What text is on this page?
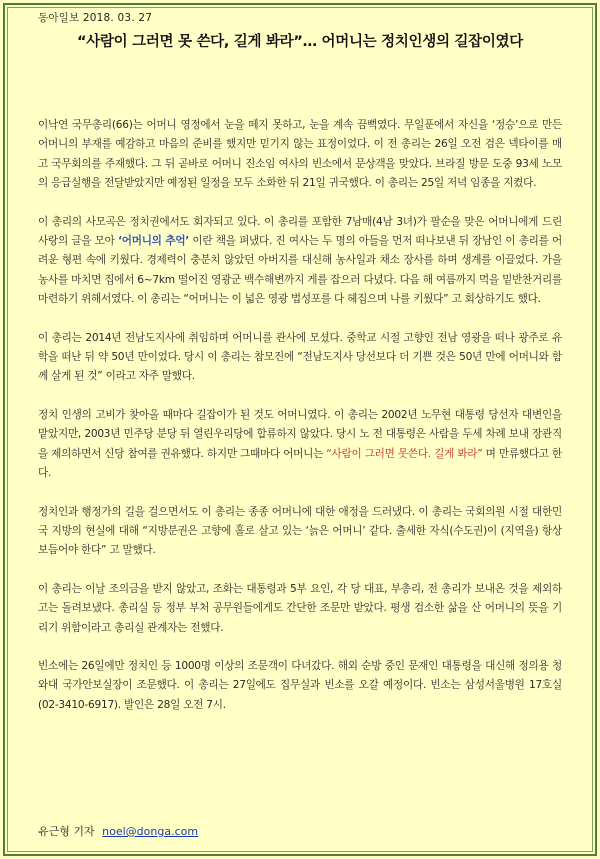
동아일보 2018. 03. 27
“사람이 그러면 못 쓴다, 길게 봐라”… 어머니는 정치인생의 길잡이였다

이낙연 국무총리(66)는 어머니 영정에서 눈을 떼지 못하고, 눈을 계속 끔뻑였다. 무일푼에서 자신을 ‘정승’으로 만든 어머니의 부재를 예감하고 마음의 준비를 했지만 믿기지 않는 표정이었다. 이 전 총리는 26일 오전 검은 넥타이를 매고 국무회의를 주재했다. 그 뒤 곧바로 어머니 진소임 여사의 빈소에서 문상객을 맞았다. 브라질 방문 도중 93세 노모의 응급실행을 전달받았지만 예정된 일정을 모두 소화한 뒤 21일 귀국했다. 이 총리는 25일 저녁 임종을 지켰다.

이 총리의 사모곡은 정치권에서도 회자되고 있다. 이 총리를 포함한 7남매(4남 3녀)가 팔순을 맞은 어머니에게 드린 사랑의 글을 모아 ‘어머니의 추억’ 이란 책을 펴냈다. 진 여사는 두 명의 아들을 먼저 떠나보낸 뒤 장남인 이 총리를 어려운 형편 속에 키웠다. 경제력이 충분치 않았던 아버지를 대신해 농사일과 채소 장사를 하며 생계를 이끌었다. 가을 농사를 마치면 집에서 6~7km 떨어진 영광군 백수해변까지 게를 잡으러 다녔다. 다음 해 여름까지 먹을 밑반찬거리를 마련하기 위해서였다. 이 총리는 “어머니는 이 넓은 영광 법성포를 다 헤집으며 나를 키웠다” 고 회상하기도 했다.

이 총리는 2014년 전남도지사에 취임하며 어머니를 관사에 모셨다. 중학교 시절 고향인 전남 영광을 떠나 광주로 유학을 떠난 뒤 약 50년 만이었다. 당시 이 총리는 참모진에 “전남도지사 당선보다 더 기쁜 것은 50년 만에 어머니와 함께 살게 된 것” 이라고 자주 말했다.

정치 인생의 고비가 찾아올 때마다 길잡이가 된 것도 어머니였다. 이 총리는 2002년 노무현 대통령 당선자 대변인을 맡았지만, 2003년 민주당 분당 뒤 열린우리당에 합류하지 않았다. 당시 노 전 대통령은 사람을 두세 차례 보내 장관직을 제의하면서 신당 참여를 권유했다. 하지만 그때마다 어머니는 “사람이 그러면 못쓴다. 길게 봐라” 며 만류했다고 한다.

정치인과 행정가의 길을 걸으면서도 이 총리는 종종 어머니에 대한 애정을 드러냈다. 이 총리는 국회의원 시절 대한민국 지방의 현실에 대해 “지방분권은 고향에 홀로 살고 있는 ‘늙은 어머니’ 같다. 출세한 자식(수도권)이 (지역을) 항상 보듬어야 한다” 고 말했다.

이 총리는 이날 조의금을 받지 않았고, 조화는 대통령과 5부 요인, 각 당 대표, 부총리, 전 총리가 보내온 것을 제외하고는 돌려보냈다. 총리실 등 정부 부처 공무원들에게도 간단한 조문만 받았다. 평생 검소한 삶을 산 어머니의 뜻을 기리기 위함이라고 총리실 관계자는 전했다.

빈소에는 26일에만 정치인 등 1000명 이상의 조문객이 다녀갔다. 해외 순방 중인 문재인 대통령을 대신해 정의용 청와대 국가안보실장이 조문했다. 이 총리는 27일에도 집무실과 빈소를 오갈 예정이다. 빈소는 삼성서울병원 17호실(02-3410-6917). 발인은 28일 오전 7시.

유근형 기자 noel@donga.com
